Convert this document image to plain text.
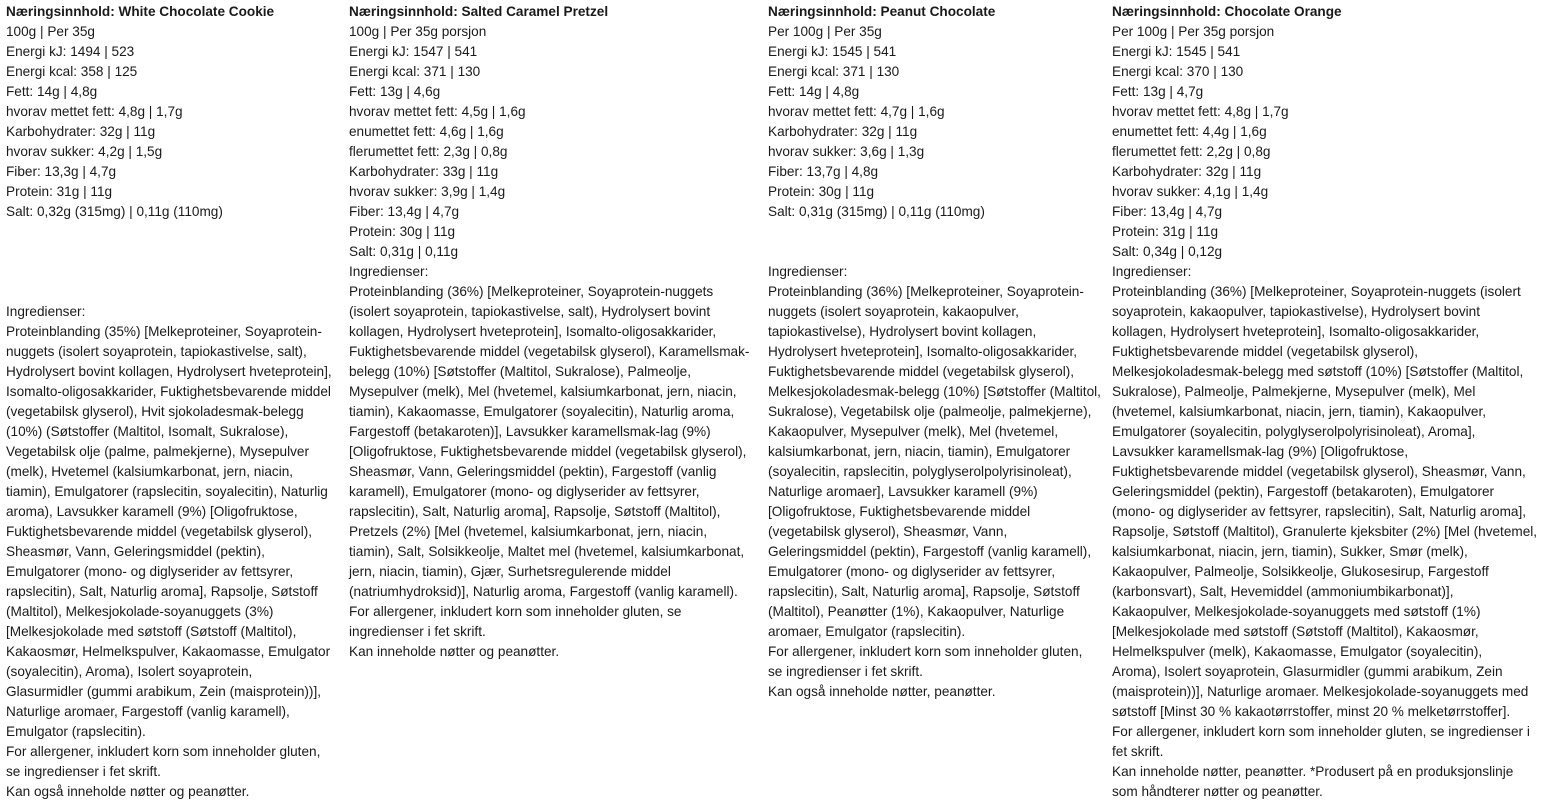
Næringsinnhold: White Chocolate Cookie
100g | Per 35g
Energi kJ: 1494 | 523
Energi kcal: 358 | 125
Fett: 14g | 4,8g
hvorav mettet fett: 4,8g | 1,7g
Karbohydrater: 32g | 11g
hvorav sukker: 4,2g | 1,5g
Fiber: 13,3g | 4,7g
Protein: 31g | 11g
Salt: 0,32g (315mg) | 0,11g (110mg)
Ingredienser:
Proteinblanding (35%) [Melkeproteiner, Soyaprotein-
nuggets (isolert soyaprotein, tapiokastivelse, salt),
Hydrolysert bovint kollagen, Hydrolysert hveteprotein],
Isomalto-oligosakkarider, Fuktighetsbevarende middel
(vegetabilsk glyserol), Hvit sjokoladesmak-belegg
(10%) (Søtstoffer (Maltitol, Isomalt, Sukralose),
Vegetabilsk olje (palme, palmekjerne), Mysepulver
(melk), Hvetemel (kalsiumkarbonat, jern, niacin,
tiamin), Emulgatorer (rapslecitin, soyalecitin), Naturlig
aroma), Lavsukker karamell (9%) [Oligofruktose,
Fuktighetsbevarende middel (vegetabilsk glyserol),
Sheasmør, Vann, Geleringsmiddel (pektin),
Emulgatorer (mono- og diglyserider av fettsyrer,
rapslecitin), Salt, Naturlig aroma], Rapsolje, Søtstoff
(Maltitol), Melkesjokolade-soyanuggets (3%)
[Melkesjokolade med søtstoff (Søtstoff (Maltitol),
Kakaosmør, Helmelkspulver, Kakaomasse, Emulgator
(soyalecitin), Aroma), Isolert soyaprotein,
Glasurmidler (gummi arabikum, Zein (maisprotein))],
Naturlige aromaer, Fargestoff (vanlig karamell),
Emulgator (rapslecitin).
For allergener, inkludert korn som inneholder gluten,
se ingredienser i fet skrift.
Kan også inneholde nøtter og peanøtter.
Næringsinnhold: Salted Caramel Pretzel
100g | Per 35g porsjon
Energi kJ: 1547 | 541
Energi kcal: 371 | 130
Fett: 13g | 4,6g
hvorav mettet fett: 4,5g | 1,6g
enumettet fett: 4,6g | 1,6g
flerumettet fett: 2,3g | 0,8g
Karbohydrater: 33g | 11g
hvorav sukker: 3,9g | 1,4g
Fiber: 13,4g | 4,7g
Protein: 30g | 11g
Salt: 0,31g | 0,11g
Ingredienser:
Proteinblanding (36%) [Melkeproteiner, Soyaprotein-nuggets
(isolert soyaprotein, tapiokastivelse, salt), Hydrolysert bovint
kollagen, Hydrolysert hveteprotein], Isomalto-oligosakkarider,
Fuktighetsbevarende middel (vegetabilsk glyserol), Karamellsmak-
belegg (10%) [Søtstoffer (Maltitol, Sukralose), Palmeolje,
Mysepulver (melk), Mel (hvetemel, kalsiumkarbonat, jern, niacin,
tiamin), Kakaomasse, Emulgatorer (soyalecitin), Naturlig aroma,
Fargestoff (betakaroten)], Lavsukker karamellsmak-lag (9%)
[Oligofruktose, Fuktighetsbevarende middel (vegetabilsk glyserol),
Sheasmør, Vann, Geleringsmiddel (pektin), Fargestoff (vanlig
karamell), Emulgatorer (mono- og diglyserider av fettsyrer,
rapslecitin), Salt, Naturlig aroma], Rapsolje, Søtstoff (Maltitol),
Pretzels (2%) [Mel (hvetemel, kalsiumkarbonat, jern, niacin,
tiamin), Salt, Solsikkeolje, Maltet mel (hvetemel, kalsiumkarbonat,
jern, niacin, tiamin), Gjær, Surhetsregulerende middel
(natriumhydroksid)], Naturlig aroma, Fargestoff (vanlig karamell).
For allergener, inkludert korn som inneholder gluten, se
ingredienser i fet skrift.
Kan inneholde nøtter og peanøtter.
Næringsinnhold: Peanut Chocolate
Per 100g | Per 35g
Energi kJ: 1545 | 541
Energi kcal: 371 | 130
Fett: 14g | 4,8g
hvorav mettet fett: 4,7g | 1,6g
Karbohydrater: 32g | 11g
hvorav sukker: 3,6g | 1,3g
Fiber: 13,7g | 4,8g
Protein: 30g | 11g
Salt: 0,31g (315mg) | 0,11g (110mg)
Ingredienser:
Proteinblanding (36%) [Melkeproteiner, Soyaprotein-
nuggets (isolert soyaprotein, kakaopulver,
tapiokastivelse), Hydrolysert bovint kollagen,
Hydrolysert hveteprotein], Isomalto-oligosakkarider,
Fuktighetsbevarende middel (vegetabilsk glyserol),
Melkesjokoladesmak-belegg (10%) [Søtstoffer (Maltitol,
Sukralose), Vegetabilsk olje (palmeolje, palmekjerne),
Kakaopulver, Mysepulver (melk), Mel (hvetemel,
kalsiumkarbonat, jern, niacin, tiamin), Emulgatorer
(soyalecitin, rapslecitin, polyglyserolpolyrisinoleat),
Naturlige aromaer], Lavsukker karamell (9%)
[Oligofruktose, Fuktighetsbevarende middel
(vegetabilsk glyserol), Sheasmør, Vann,
Geleringsmiddel (pektin), Fargestoff (vanlig karamell),
Emulgatorer (mono- og diglyserider av fettsyrer,
rapslecitin), Salt, Naturlig aroma], Rapsolje, Søtstoff
(Maltitol), Peanøtter (1%), Kakaopulver, Naturlige
aromaer, Emulgator (rapslecitin).
For allergener, inkludert korn som inneholder gluten,
se ingredienser i fet skrift.
Kan også inneholde nøtter, peanøtter.
Næringsinnhold: Chocolate Orange
Per 100g | Per 35g porsjon
Energi kJ: 1545 | 541
Energi kcal: 370 | 130
Fett: 13g | 4,7g
hvorav mettet fett: 4,8g | 1,7g
enumettet fett: 4,4g | 1,6g
flerumettet fett: 2,2g | 0,8g
Karbohydrater: 32g | 11g
hvorav sukker: 4,1g | 1,4g
Fiber: 13,4g | 4,7g
Protein: 31g | 11g
Salt: 0,34g | 0,12g
Ingredienser:
Proteinblanding (36%) [Melkeproteiner, Soyaprotein-nuggets (isolert
soyaprotein, kakaopulver, tapiokastivelse), Hydrolysert bovint
kollagen, Hydrolysert hveteprotein], Isomalto-oligosakkarider,
Fuktighetsbevarende middel (vegetabilsk glyserol),
Melkesjokoladesmak-belegg med søtstoff (10%) [Søtstoffer (Maltitol,
Sukralose), Palmeolje, Palmekjerne, Mysepulver (melk), Mel
(hvetemel, kalsiumkarbonat, niacin, jern, tiamin), Kakaopulver,
Emulgatorer (soyalecitin, polyglyserolpolyrisinoleat), Aroma],
Lavsukker karamellsmak-lag (9%) [Oligofruktose,
Fuktighetsbevarende middel (vegetabilsk glyserol), Sheasmør, Vann,
Geleringsmiddel (pektin), Fargestoff (betakaroten), Emulgatorer
(mono- og diglyserider av fettsyrer, rapslecitin), Salt, Naturlig aroma],
Rapsolje, Søtstoff (Maltitol), Granulerte kjeksbiter (2%) [Mel (hvetemel,
kalsiumkarbonat, niacin, jern, tiamin), Sukker, Smør (melk),
Kakaopulver, Palmeolje, Solsikkeolje, Glukosesirup, Fargestoff
(karbonsvart), Salt, Hevemiddel (ammoniumbikarbonat)],
Kakaopulver, Melkesjokolade-soyanuggets med søtstoff (1%)
[Melkesjokolade med søtstoff (Søtstoff (Maltitol), Kakaosmør,
Helmelkspulver (melk), Kakaomasse, Emulgator (soyalecitin),
Aroma), Isolert soyaprotein, Glasurmidler (gummi arabikum, Zein
(maisprotein))], Naturlige aromaer. Melkesjokolade-soyanuggets med
søtstoff [Minst 30 % kakaotørrstoffer, minst 20 % melketørrstoffer].
For allergener, inkludert korn som inneholder gluten, se ingredienser i
fet skrift.
Kan inneholde nøtter, peanøtter. *Produsert på en produksjonslinje
som håndterer nøtter og peanøtter.
